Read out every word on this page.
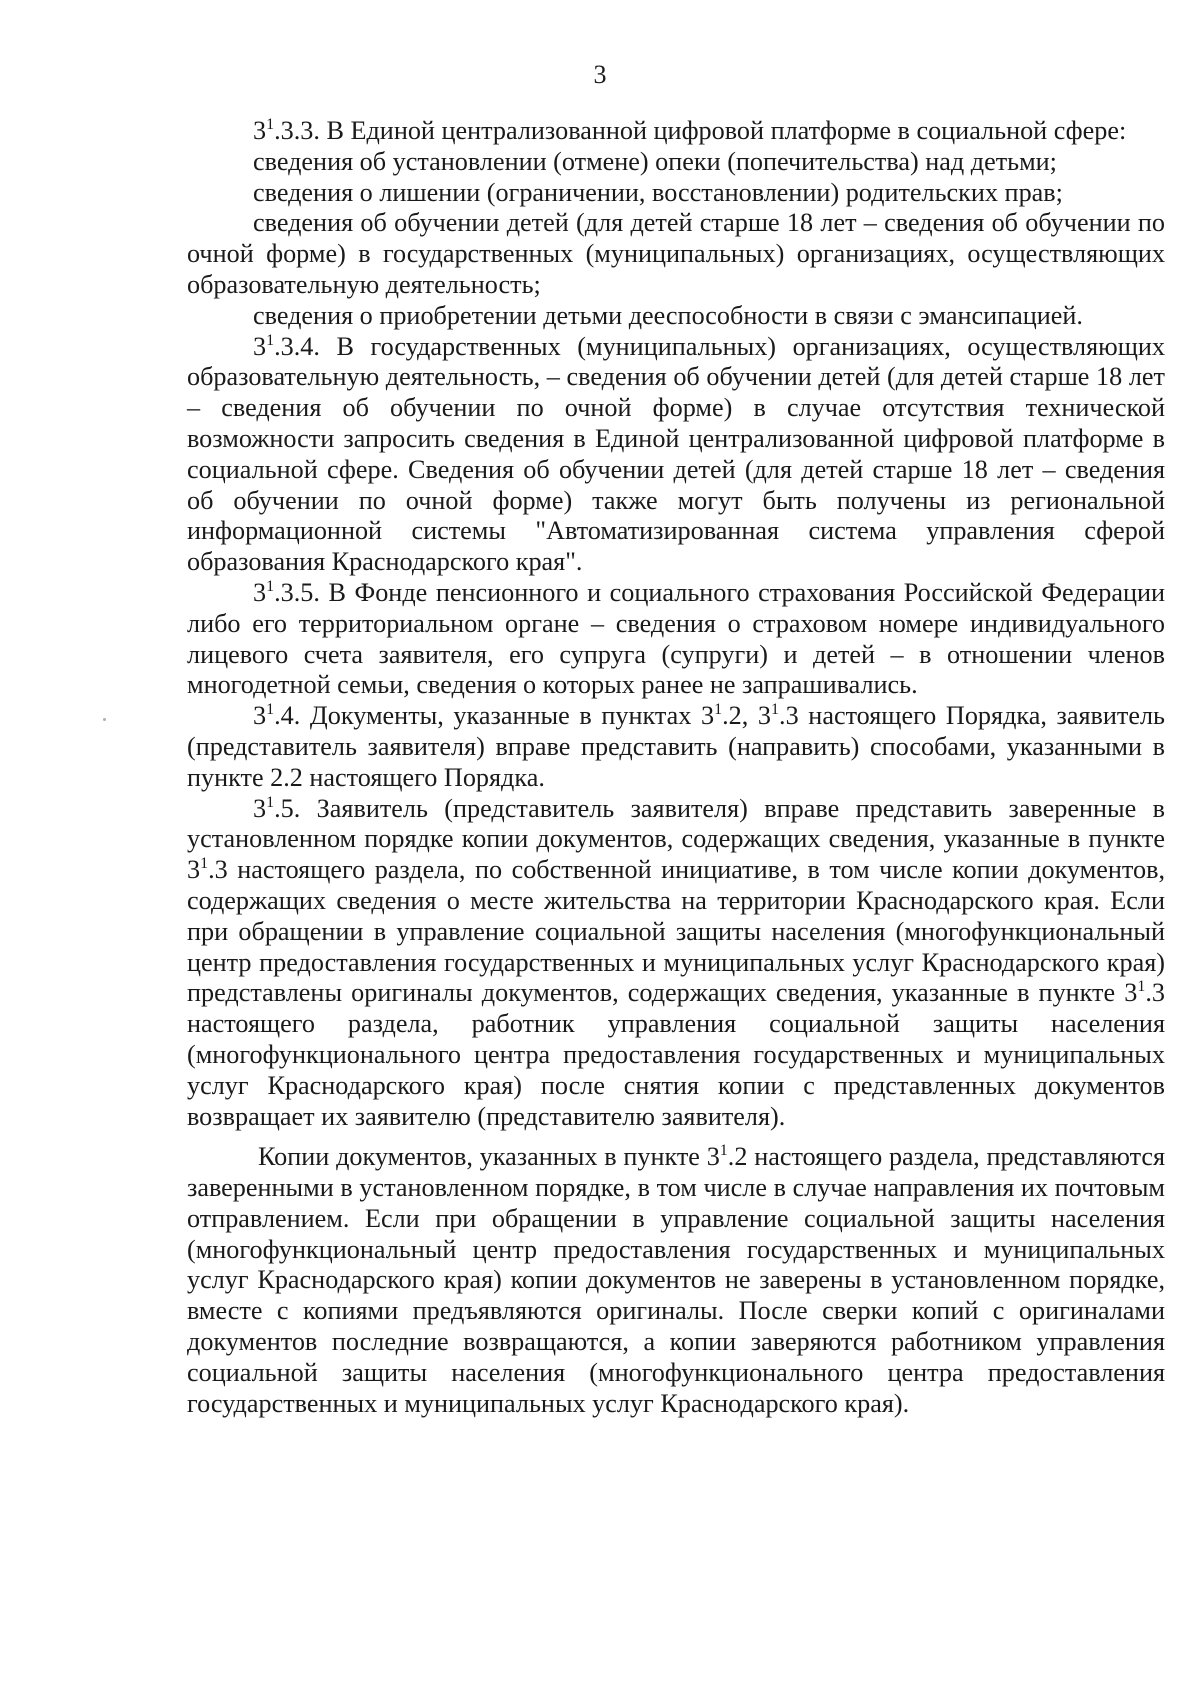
3

$3^1.3.3$. В Единой централизованной цифровой платформе в социальной сфере:

сведения об установлении (отмене) опеки (попечительства) над детьми;

сведения о лишении (ограничении, восстановлении) родительских прав;

сведения об обучении детей (для детей старше 18 лет – сведения об обучении по очной форме) в государственных (муниципальных) организациях, осуществляющих образовательную деятельность;

сведения о приобретении детьми дееспособности в связи с эмансипацией.

$3^1.3.4$. В государственных (муниципальных) организациях, осуществляющих образовательную деятельность, – сведения об обучении детей (для детей старше 18 лет – сведения об обучении по очной форме) в случае отсутствия технической возможности запросить сведения в Единой централизованной цифровой платформе в социальной сфере. Сведения об обучении детей (для детей старше 18 лет – сведения об обучении по очной форме) также могут быть получены из региональной информационной системы "Автоматизированная система управления сферой образования Краснодарского края".

$3^1.3.5$. В Фонде пенсионного и социального страхования Российской Федерации либо его территориальном органе – сведения о страховом номере индивидуального лицевого счета заявителя, его супруга (супруги) и детей – в отношении членов многодетной семьи, сведения о которых ранее не запрашивались.

$3^1.4$. Документы, указанные в пунктах $3^1.2$, $3^1.3$ настоящего Порядка, заявитель (представитель заявителя) вправе представить (направить) способами, указанными в пункте 2.2 настоящего Порядка.

$3^1.5$. Заявитель (представитель заявителя) вправе представить заверенные в установленном порядке копии документов, содержащих сведения, указанные в пункте $3^1.3$ настоящего раздела, по собственной инициативе, в том числе копии документов, содержащих сведения о месте жительства на территории Краснодарского края. Если при обращении в управление социальной защиты населения (многофункциональный центр предоставления государственных и муниципальных услуг Краснодарского края) представлены оригиналы документов, содержащих сведения, указанные в пункте $3^1.3$ настоящего раздела, работник управления социальной защиты населения (многофункционального центра предоставления государственных и муниципальных услуг Краснодарского края) после снятия копии с представленных документов возвращает их заявителю (представителю заявителя).

Копии документов, указанных в пункте $3^1.2$ настоящего раздела, представляются заверенными в установленном порядке, в том числе в случае направления их почтовым отправлением. Если при обращении в управление социальной защиты населения (многофункциональный центр предоставления государственных и муниципальных услуг Краснодарского края) копии документов не заверены в установленном порядке, вместе с копиями предъявляются оригиналы. После сверки копий с оригиналами документов последние возвращаются, а копии заверяются работником управления социальной защиты населения (многофункционального центра предоставления государственных и муниципальных услуг Краснодарского края).
